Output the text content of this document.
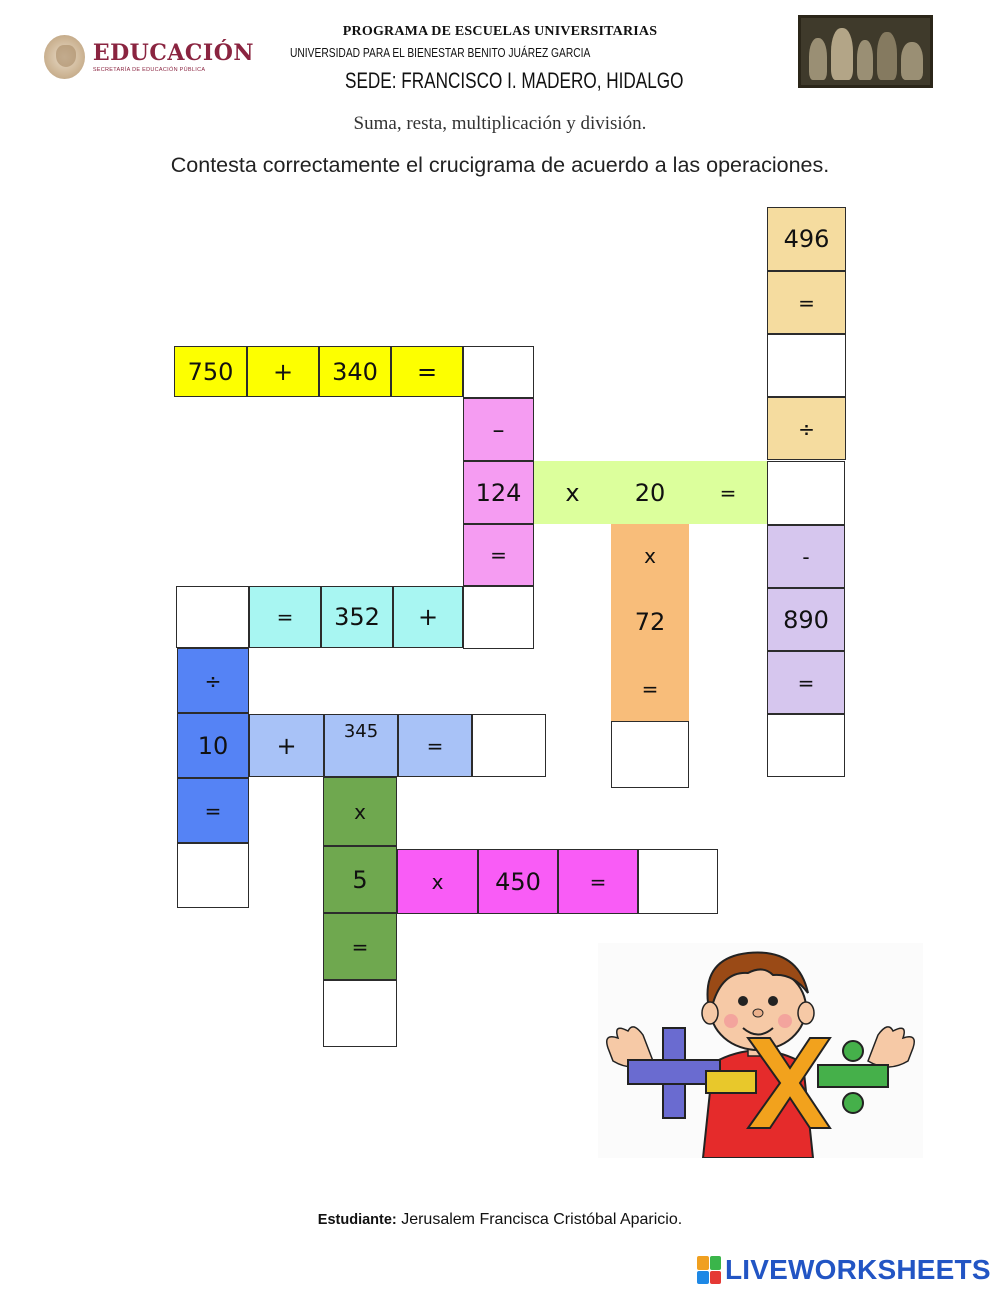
EDUCACIÓN
SECRETARÍA DE EDUCACIÓN PÚBLICA
PROGRAMA DE ESCUELAS UNIVERSITARIAS
UNIVERSIDAD PARA EL BIENESTAR BENITO JUÁREZ GARCIA
SEDE: FRANCISCO I. MADERO, HIDALGO
Suma, resta, multiplicación y división.
Contesta correctamente el crucigrama de acuerdo a las operaciones.
496
=
÷
750	+	340	=
–
124
=
x	20	=
x
72
=
-
890
=
=	352	+
÷
10
=
+	345
=
x
5
=
x	450	=
Estudiante: Jerusalem Francisca Cristóbal Aparicio.
LIVEWORKSHEETS
